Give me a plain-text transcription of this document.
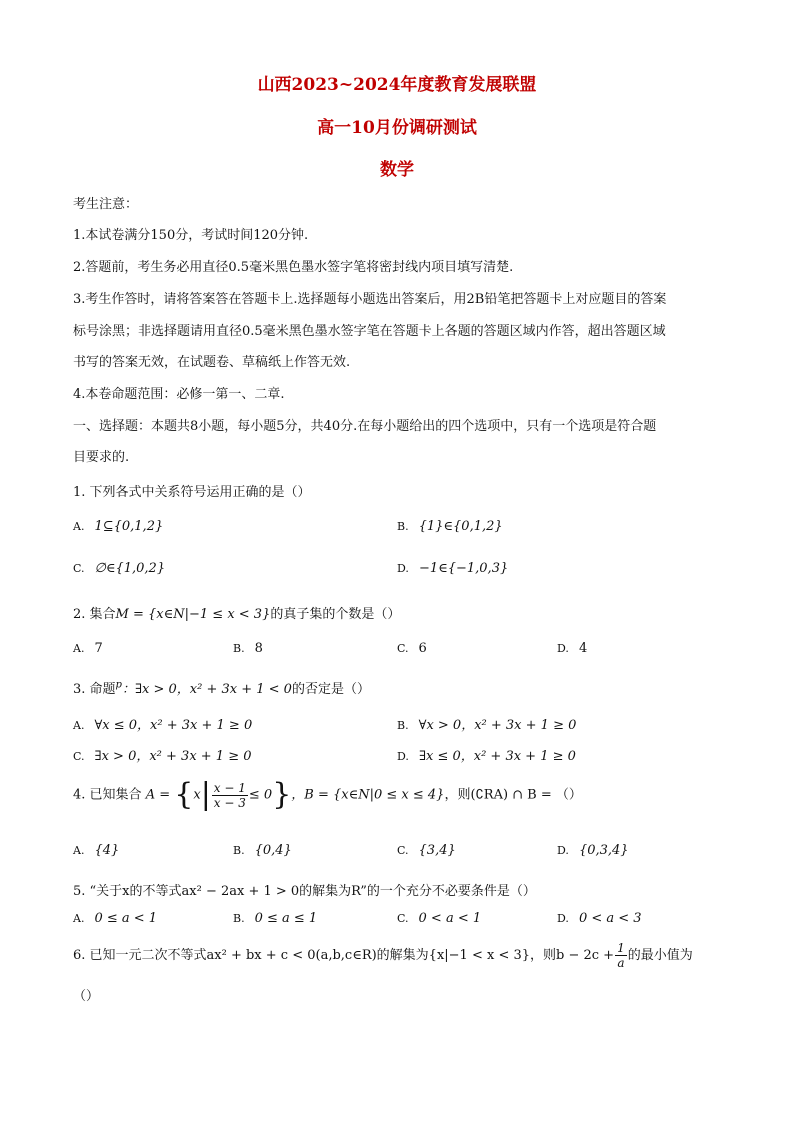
山西2023~2024年度教育发展联盟
高一10月份调研测试
数学
考生注意：
1.本试卷满分150分，考试时间120分钟.
2.答题前，考生务必用直径0.5毫米黑色墨水签字笔将密封线内项目填写清楚.
3.考生作答时，请将答案答在答题卡上.选择题每小题选出答案后，用2B铅笔把答题卡上对应题目的答案
标号涂黑；非选择题请用直径0.5毫米黑色墨水签字笔在答题卡上各题的答题区域内作答，超出答题区域
书写的答案无效，在试题卷、草稿纸上作答无效.
4.本卷命题范围：必修一第一、二章.
一、选择题：本题共8小题，每小题5分，共40分.在每小题给出的四个选项中，只有一个选项是符合题
目要求的.
1. 下列各式中关系符号运用正确的是（）
A. 1⊆{0,1,2}	B. {1}∈{0,1,2}
C. ∅∈{1,0,2}	D. −1∈{−1,0,3}
2. 集合M = {x∈N|−1 ≤ x < 3}的真子集的个数是（）
A. 7	B. 8	C. 6	D. 4
3. 命题$^p$：∃x > 0，x² + 3x + 1 < 0的否定是（）
A. ∀x ≤ 0，x² + 3x + 1 ≥ 0	B. ∀x > 0，x² + 3x + 1 ≥ 0
C. ∃x > 0，x² + 3x + 1 ≥ 0	D. ∃x ≤ 0，x² + 3x + 1 ≥ 0
4. 已知集合 $A = \{x| \frac{x - 1}{x - 3} \le 0\}$，B = {x∈N|0 ≤ x ≤ 4}，则(∁RA) ∩ B = （）
A. {4}	B. {0,4}	C. {3,4}	D. {0,3,4}
5. “关于x的不等式ax² − 2ax + 1 > 0的解集为R”的一个充分不必要条件是（）
A. 0 ≤ a < 1	B. 0 ≤ a ≤ 1	C. 0 < a < 1	D. 0 < a < 3
6. 已知一元二次不等式ax² + bx + c < 0(a,b,c∈R)的解集为{x|−1 < x < 3}，则$b - 2c + \frac{1}{a}$ 的最小值为
（）
